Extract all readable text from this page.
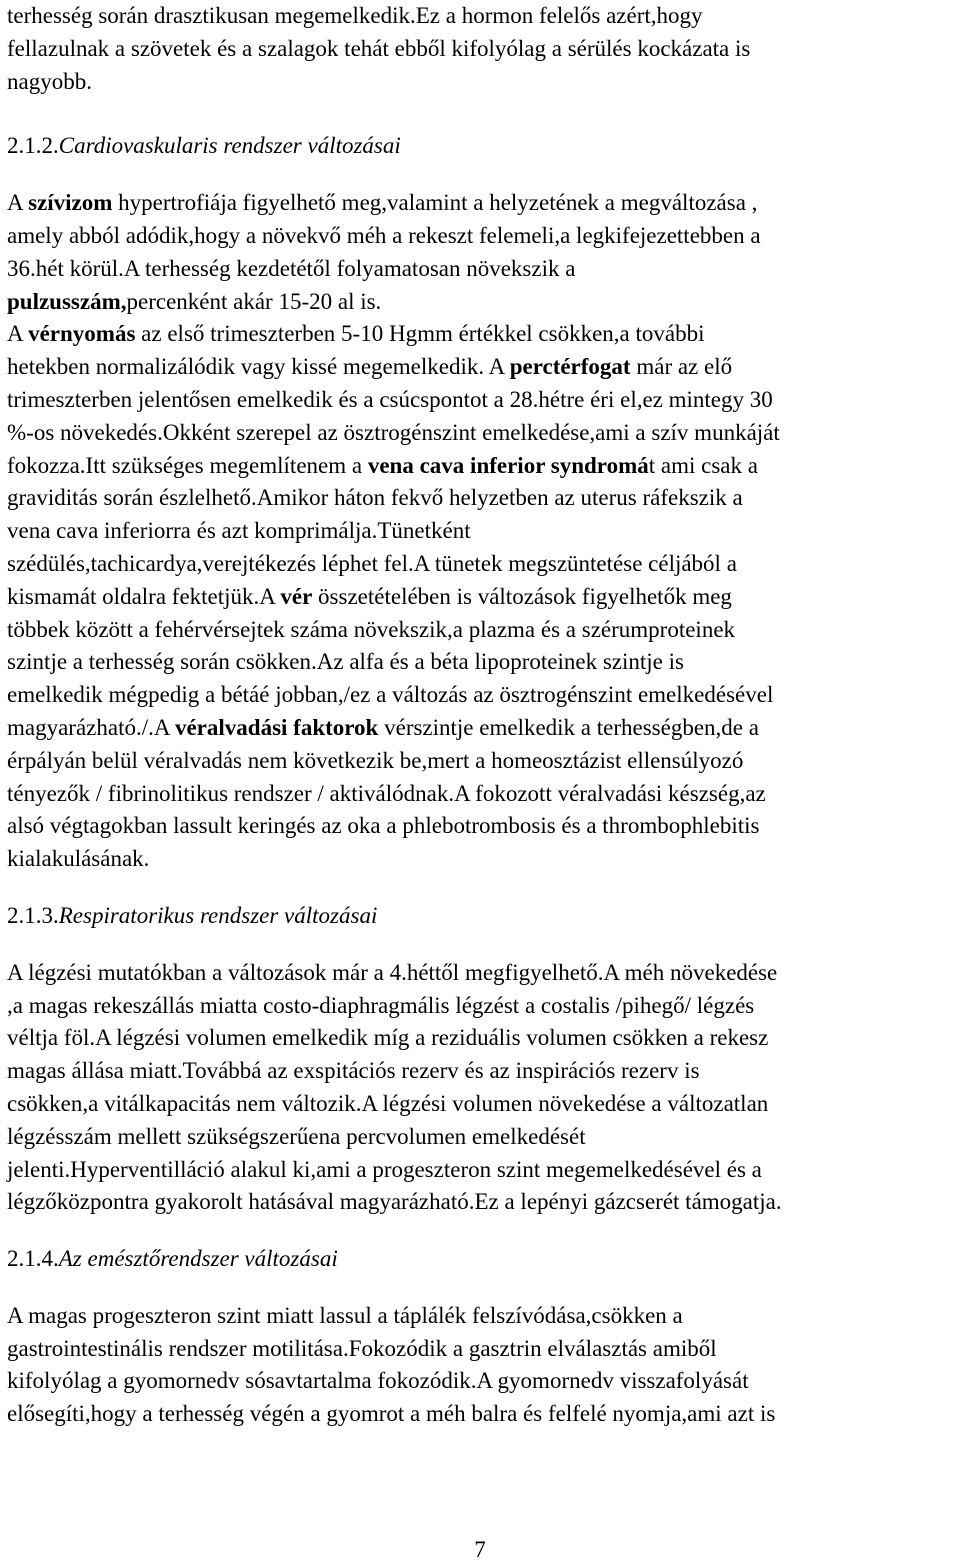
terhesség során drasztikusan megemelkedik.Ez a hormon felelős azért,hogy
fellazulnak a szövetek és a szalagok tehát ebből kifolyólag a sérülés kockázata is
nagyobb.
2.1.2.Cardiovaskularis rendszer változásai
A szívizom hypertrofiája figyelhető meg,valamint a helyzetének a megváltozása ,
amely abból adódik,hogy a növekvő méh a rekeszt felemeli,a legkifejezettebben a
36.hét körül.A terhesség kezdetétől folyamatosan növekszik a
pulzusszám,percenként akár 15-20 al is.
A vérnyomás az első trimeszterben 5-10 Hgmm értékkel csökken,a további
hetekben normalizálódik vagy kissé megemelkedik. A perctérfogat már az elő
trimeszterben jelentősen emelkedik és a csúcspontot a 28.hétre éri el,ez mintegy 30
%-os növekedés.Okként szerepel az ösztrogénszint emelkedése,ami a szív munkáját
fokozza.Itt szükséges megemlítenem a vena cava inferior syndromát ami csak a
graviditás során észlelhető.Amikor háton fekvő helyzetben az uterus ráfekszik a
vena cava inferiorra és azt komprimálja.Tünetként
szédülés,tachicardya,verejtékezés léphet fel.A tünetek megszüntetése céljából a
kismamát oldalra fektetjük.A vér összetételében is változások figyelhetők meg
többek között a fehérvérsejtek száma növekszik,a plazma és a szérumproteinek
szintje a terhesség során csökken.Az alfa és a béta lipoproteinek szintje is
emelkedik mégpedig a bétáé jobban,/ez a változás az ösztrogénszint emelkedésével
magyarázható./.A véralvadási faktorok vérszintje emelkedik a terhességben,de a
érpályán belül véralvadás nem következik be,mert a homeosztázist ellensúlyozó
tényezők / fibrinolitikus rendszer / aktiválódnak.A fokozott véralvadási készség,az
alsó végtagokban lassult keringés az oka a phlebotrombosis és a thrombophlebitis
kialakulásának.
2.1.3.Respiratorikus rendszer változásai
A légzési mutatókban a változások már a 4.héttől megfigyelhető.A méh növekedése
,a magas rekeszállás miatta costo-diaphragmális légzést a costalis /pihegő/ légzés
véltja föl.A légzési volumen emelkedik míg a reziduális volumen csökken a rekesz
magas állása miatt.Továbbá az exspitációs rezerv és az inspirációs rezerv is
csökken,a vitálkapacitás nem változik.A légzési volumen növekedése a változatlan
légzésszám mellett szükségszerűena percvolumen emelkedését
jelenti.Hyperventilláció alakul ki,ami a progeszteron szint megemelkedésével és a
légzőközpontra gyakorolt hatásával magyarázható.Ez a lepényi gázcserét támogatja.
2.1.4.Az emésztőrendszer változásai
A magas progeszteron szint miatt lassul a táplálék felszívódása,csökken a
gastrointestinális rendszer motilitása.Fokozódik a gasztrin elválasztás amiből
kifolyólag a gyomornedv sósavtartalma fokozódik.A gyomornedv visszafolyását
elősegíti,hogy a terhesség végén a gyomrot a méh balra és felfelé nyomja,ami azt is
7
